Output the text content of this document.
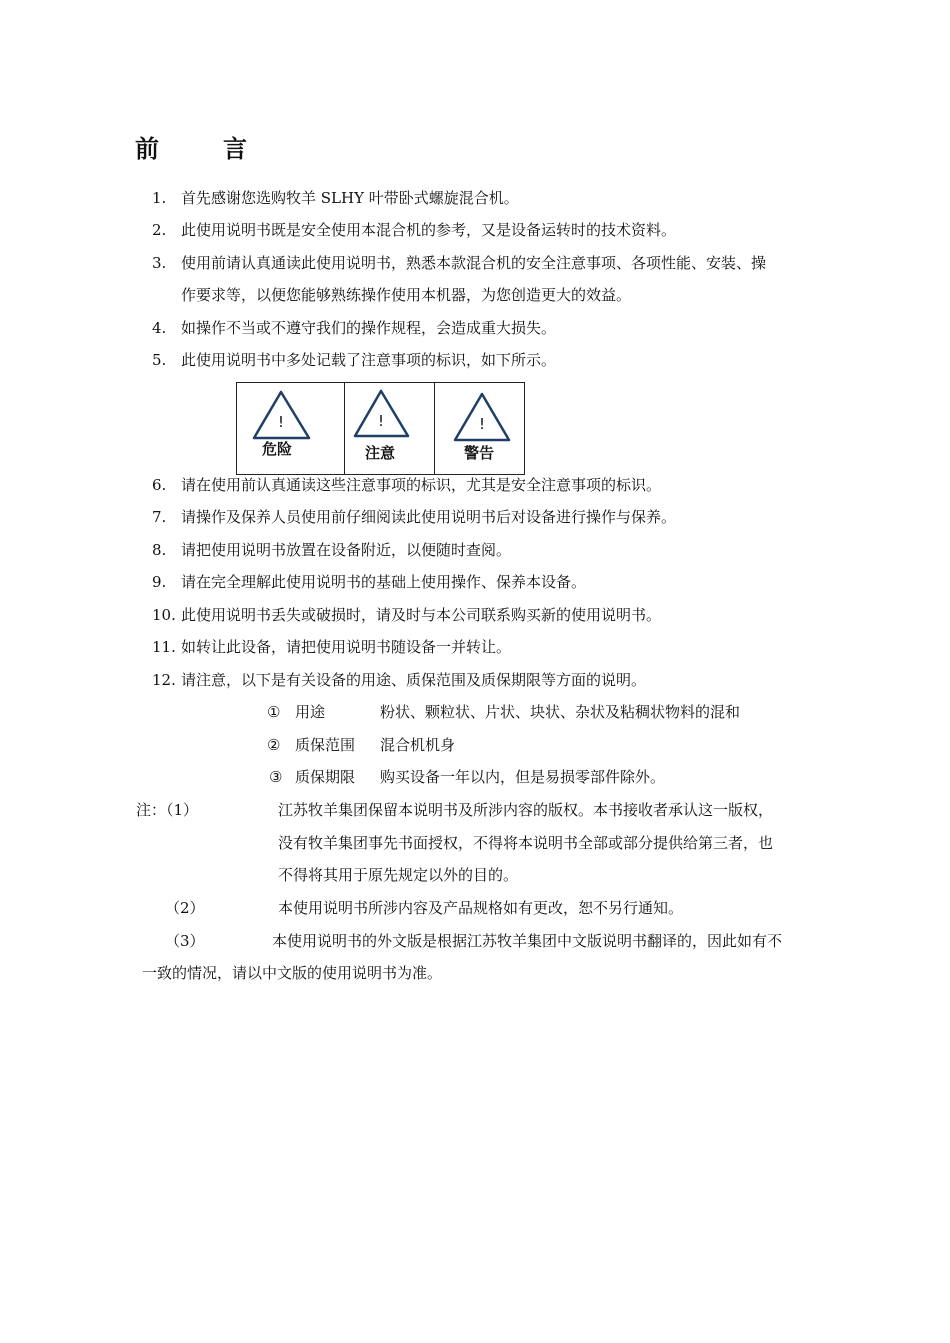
前　言
1. 首先感谢您选购牧羊 SLHY 叶带卧式螺旋混合机。
2. 此使用说明书既是安全使用本混合机的参考，又是设备运转时的技术资料。
3. 使用前请认真通读此使用说明书，熟悉本款混合机的安全注意事项、各项性能、安装、操
作要求等，以便您能够熟练操作使用本机器，为您创造更大的效益。
4. 如操作不当或不遵守我们的操作规程，会造成重大损失。
5. 此使用说明书中多处记载了注意事项的标识，如下所示。
!
危险
!
注意
!
警告
6. 请在使用前认真通读这些注意事项的标识，尤其是安全注意事项的标识。
7. 请操作及保养人员使用前仔细阅读此使用说明书后对设备进行操作与保养。
8. 请把使用说明书放置在设备附近，以便随时查阅。
9. 请在完全理解此使用说明书的基础上使用操作、保养本设备。
10. 此使用说明书丢失或破损时，请及时与本公司联系购买新的使用说明书。
11. 如转让此设备，请把使用说明书随设备一并转让。
12. 请注意，以下是有关设备的用途、质保范围及质保期限等方面的说明。
① 用途	粉状、颗粒状、片状、块状、杂状及粘稠状物料的混和
② 质保范围 混合机机身
③ 质保期限 购买设备一年以内，但是易损零部件除外。
注：（1）	江苏牧羊集团保留本说明书及所涉内容的版权。本书接收者承认这一版权，
没有牧羊集团事先书面授权，不得将本说明书全部或部分提供给第三者，也
不得将其用于原先规定以外的目的。
（2）	本使用说明书所涉内容及产品规格如有更改，恕不另行通知。
（3）	本使用说明书的外文版是根据江苏牧羊集团中文版说明书翻译的，因此如有不
一致的情况，请以中文版的使用说明书为准。
